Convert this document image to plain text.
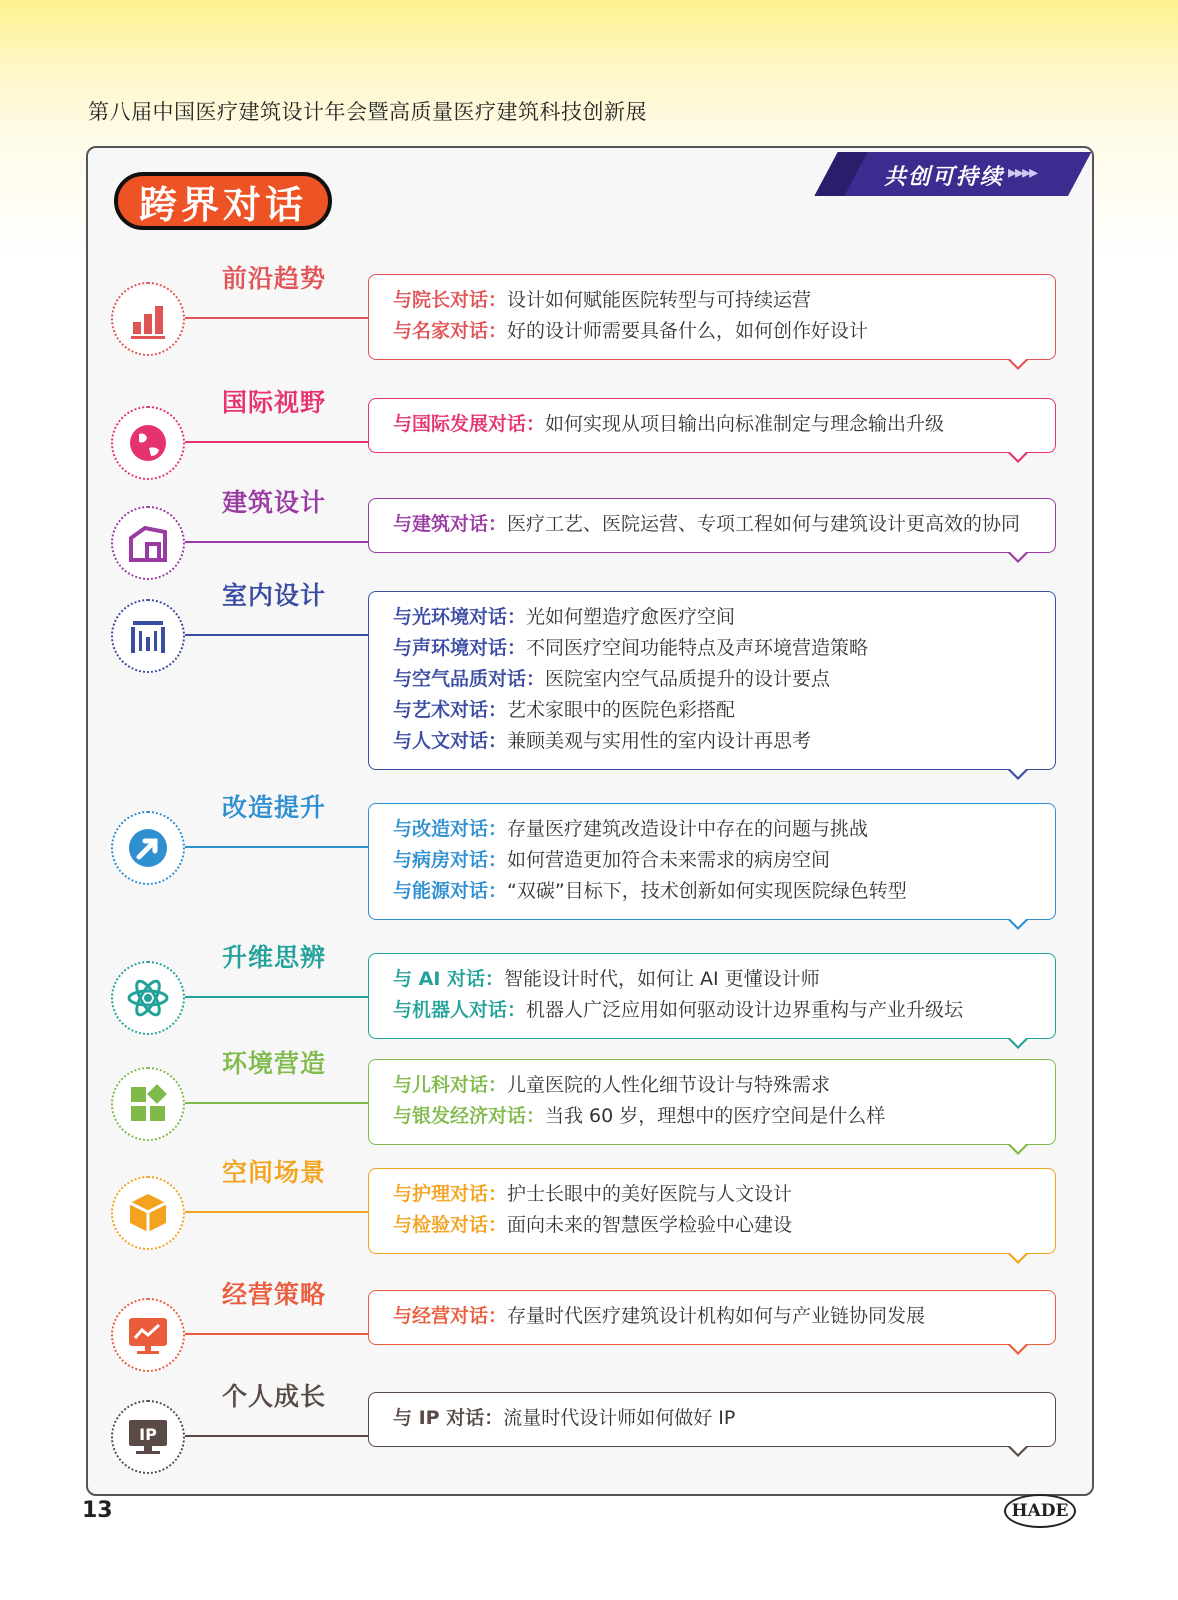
第八届中国医疗建筑设计年会暨高质量医疗建筑科技创新展
共创可持续 ▸▸▸▸
跨界对话
前沿趋势
与院长对话：设计如何赋能医院转型与可持续运营
与名家对话：好的设计师需要具备什么，如何创作好设计
国际视野
与国际发展对话：如何实现从项目输出向标准制定与理念输出升级
建筑设计
与建筑对话：医疗工艺、医院运营、专项工程如何与建筑设计更高效的协同
室内设计
与光环境对话：光如何塑造疗愈医疗空间
与声环境对话：不同医疗空间功能特点及声环境营造策略
与空气品质对话：医院室内空气品质提升的设计要点
与艺术对话：艺术家眼中的医院色彩搭配
与人文对话：兼顾美观与实用性的室内设计再思考
改造提升
与改造对话：存量医疗建筑改造设计中存在的问题与挑战
与病房对话：如何营造更加符合未来需求的病房空间
与能源对话：“双碳”目标下，技术创新如何实现医院绿色转型
升维思辨
与 AI 对话：智能设计时代，如何让 AI 更懂设计师
与机器人对话：机器人广泛应用如何驱动设计边界重构与产业升级坛
环境营造
与儿科对话：儿童医院的人性化细节设计与特殊需求
与银发经济对话：当我 60 岁，理想中的医疗空间是什么样
空间场景
与护理对话：护士长眼中的美好医院与人文设计
与检验对话：面向未来的智慧医学检验中心建设
经营策略
与经营对话：存量时代医疗建筑设计机构如何与产业链协同发展
IP
个人成长
与 IP 对话：流量时代设计师如何做好 IP
13	HADE
